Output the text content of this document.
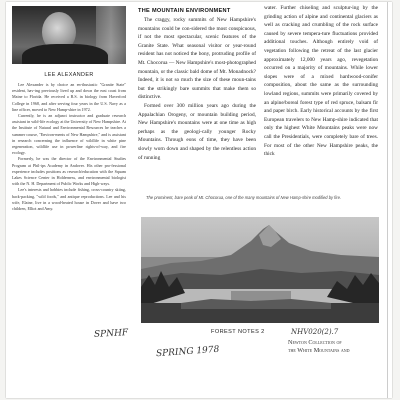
LEE ALEXANDER

Lee Alexander is by choice an en-thusiastic "Granite State" resident, hav-ing previously lived up and down the east coast from Maine to Florida. He received a B.S. in biology from Haverford College in 1968, and after serving four years in the U.S. Navy as a line officer, moved to New Hamp-shire in 1972.

Currently, he is an adjunct instructor and graduate research assistant in wild-life ecology at the University of New Hampshire. At the Institute of Natural and Environmental Resources he teaches a summer course, "Environ-ments of New Hampshire," and is assistant in research concerning the influence of wildlife in white pine regeneration, wildlife use in powerline rights-of-way, and fire ecology.

Formerly, he was the director of the Environmental Studies Program at Phil-ips Academy in Andover. His other pro-fessional experience includes positions as research/education with the Squam Lakes Science Center in Holderness, and environmental biologist with the N. H. Department of Public Works and High-ways.

Lee's interests and hobbies include fishing, cross-country skiing, back-packing, "wild foods," and antique reproductions. Lee and his wife, Elaine, live in a wood-heated house in Dover and have two children, Elliot and Amy.

THE MOUNTAIN ENVIRONMENT

The craggy, rocky summits of New Hampshire's mountains could be con-sidered the most conspicuous, if not the most spectacular, scenic features of the Granite State. What seasonal visitor or year-round resident has not noticed the bony, protruding profile of Mt. Chocorua — New Hampshire's most-photographed mountain, or the classic bald dome of Mt. Monadnock? Indeed, it is not so much the size of these moun-tains but the strikingly bare summits that make them so distinctive.

Formed over 300 million years ago during the Appalachian Orogeny, or mountain building period, New Hampshire's mountains were at one time as high perhaps as the geologi-cally younger Rocky Mountains. Through eons of time, they have been slowly worn down and shaped by the relentless action of running

water. Further chiseling and sculptur-ing by the grinding action of alpine and continental glaciers as well as cracking and crumbling of the rock surface caused by severe tempera-ture fluctuations provided additional touches. Although entirely void of vegetation following the retreat of the last glacier approximately 12,000 years ago, revegetation occurred on a majority of mountains. While lower slopes were of a mixed hardwood-conifer composition, about the same as the surrounding lowland regions, summits were primarily covered by an alpine/boreal forest type of red spruce, balsam fir and paper birch. Early historical accounts by the first European travelers to New Hamp-shire indicated that only the highest White Mountains peaks were now call the Presidentials, were completely bare of trees. For most of the other New Hampshire peaks, the thick

The prominent, bare peak of Mt. Chocorua, one of the many mountains of New Hamp-shire modified by fire.
SPNHF	FOREST NOTES 2
SPRING 1978
NHV020(2).7
Newton Collection of
the White Mountains and
